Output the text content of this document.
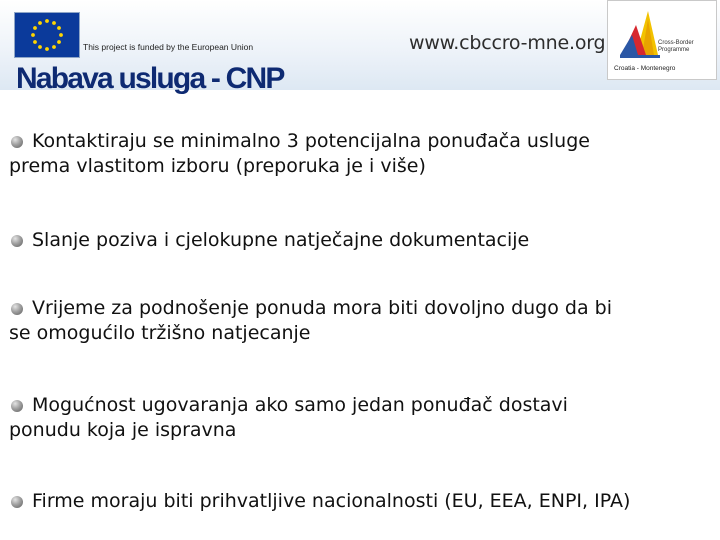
This project is funded by the European Union	www.cbccro-mne.org	Cross-Border
Programme
Croatia - Montenegro
Nabava usluga - CNP
Kontaktiraju se minimalno 3 potencijalna ponuđača usluge
prema vlastitom izboru (preporuka je i više)
Slanje poziva i cjelokupne natječajne dokumentacije
Vrijeme za podnošenje ponuda mora biti dovoljno dugo da bi
se omogućilo tržišno natjecanje
Mogućnost ugovaranja ako samo jedan ponuđač dostavi
ponudu koja je ispravna
Firme moraju biti prihvatljive nacionalnosti (EU, EEA, ENPI, IPA)
